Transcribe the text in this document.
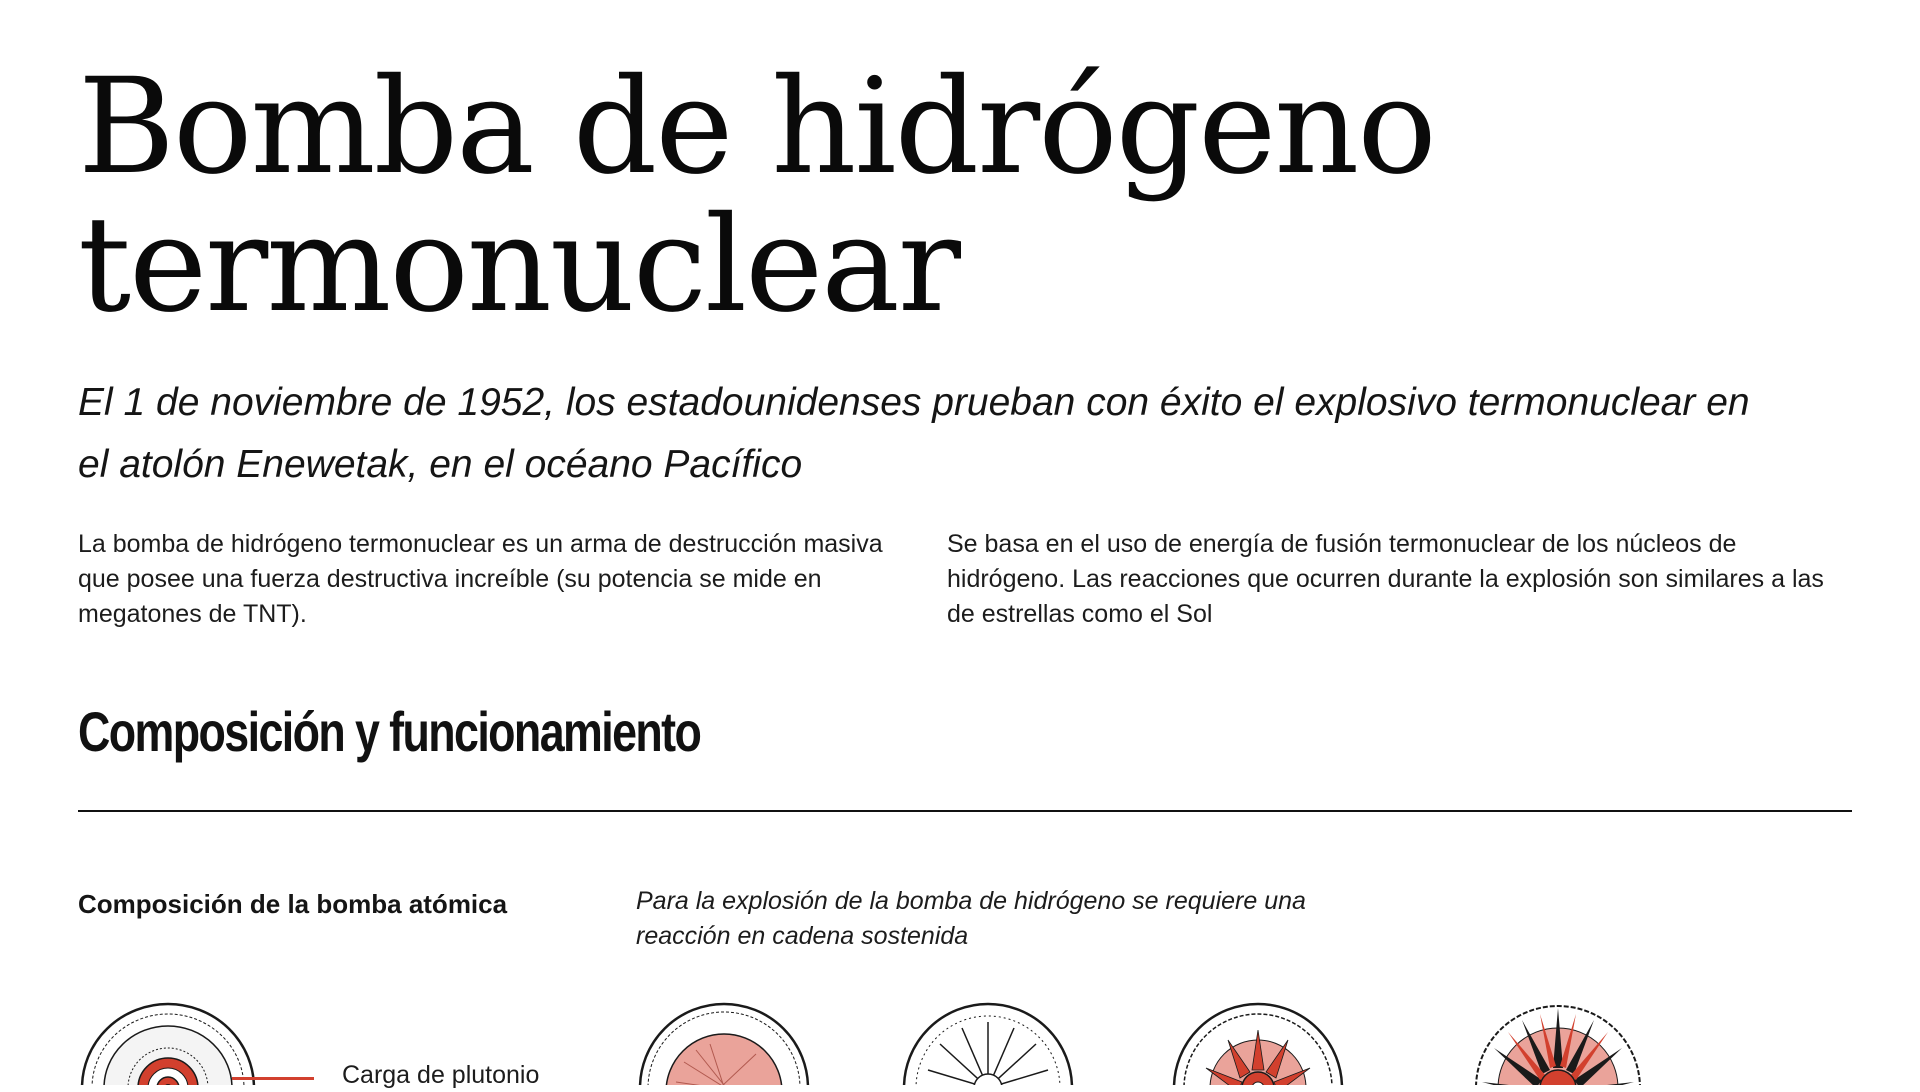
Bomba de hidrógeno
termonuclear

El 1 de noviembre de 1952, los estadounidenses prueban con éxito el explosivo termonuclear en
el atolón Enewetak, en el océano Pacífico

La bomba de hidrógeno termonuclear es un arma de destrucción masiva que posee una fuerza destructiva increíble (su potencia se mide en megatones de TNT).

Se basa en el uso de energía de fusión termonuclear de los núcleos de hidrógeno. Las reacciones que ocurren durante la explosión son similares a las de estrellas como el Sol

Composición y funcionamiento

Composición de la bomba atómica	Para la explosión de la bomba de hidrógeno se requiere una reacción en cadena sostenida

Carga de plutonio
